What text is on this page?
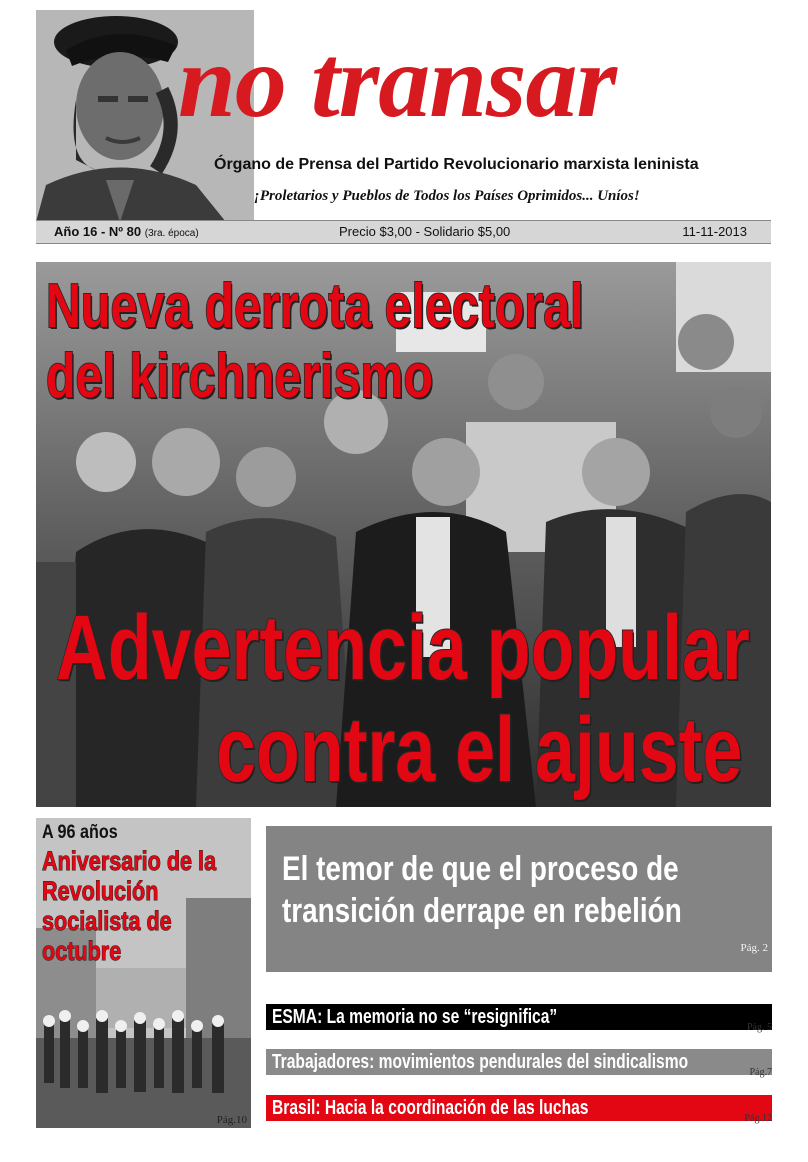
no transar
Órgano de Prensa del Partido Revolucionario marxista leninista
¡Proletarios y Pueblos de Todos los Países Oprimidos... Uníos!
Año 16 - Nº 80 (3ra. época)	Precio $3,00 - Solidario $5,00	11-11-2013
Nueva derrota electoral
del kirchnerismo
Advertencia popular
contra el ajuste
A 96 años
Aniversario de la Revolución socialista de octubre
Pág.10
El temor de que el proceso de transición derrape en rebelión
Pág. 2
ESMA: La memoria no se “resignifica”	Pág. 5
Trabajadores: movimientos pendurales del sindicalismo	Pág.7
Brasil: Hacia la coordinación de las luchas	Pág.12
